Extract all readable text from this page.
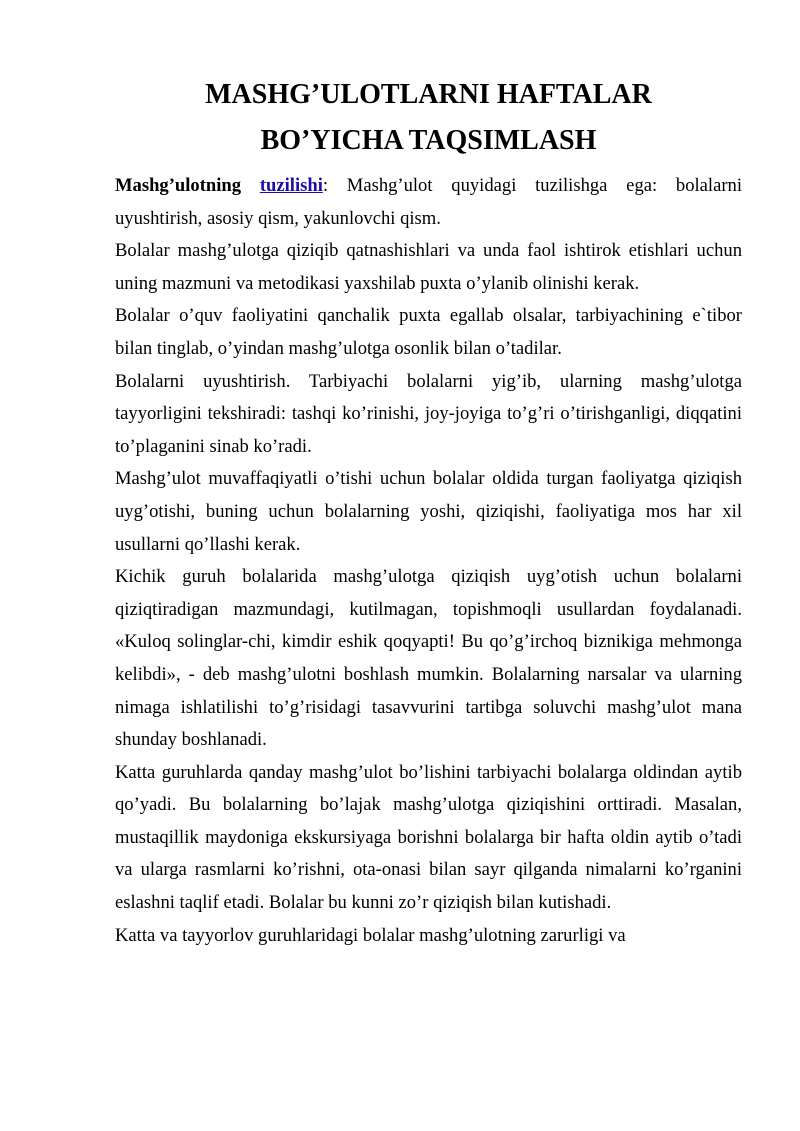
MASHG’ULOTLARNI HAFTALAR
BO’YICHA TAQSIMLASH

Mashg’ulotning tuzilishi: Mashg’ulot quyidagi tuzilishga ega: bolalarni uyushtirish, asosiy qism, yakunlovchi qism.

Bolalar mashg’ulotga qiziqib qatnashishlari va unda faol ishtirok etishlari uchun uning mazmuni va metodikasi yaxshilab puxta o’ylanib olinishi kerak.

Bolalar o’quv faoliyatini qanchalik puxta egallab olsalar, tarbiyachining e`tibor bilan tinglab, o’yindan mashg’ulotga osonlik bilan o’tadilar.

Bolalarni uyushtirish. Tarbiyachi bolalarni yig’ib, ularning mashg’ulotga tayyorligini tekshiradi: tashqi ko’rinishi, joy-joyiga to’g’ri o’tirishganligi, diqqatini to’plaganini sinab ko’radi.

Mashg’ulot muvaffaqiyatli o’tishi uchun bolalar oldida turgan faoliyatga qiziqish uyg’otishi, buning uchun bolalarning yoshi, qiziqishi, faoliyatiga mos har xil usullarni qo’llashi kerak.

Kichik guruh bolalarida mashg’ulotga qiziqish uyg’otish uchun bolalarni qiziqtiradigan mazmundagi, kutilmagan, topishmoqli usullardan foydalanadi. «Kuloq solinglar-chi, kimdir eshik qoqyapti! Bu qo’g’irchoq biznikiga mehmonga kelibdi», - deb mashg’ulotni boshlash mumkin. Bolalarning narsalar va ularning nimaga ishlatilishi to’g’risidagi tasavvurini tartibga soluvchi mashg’ulot mana shunday boshlanadi.

Katta guruhlarda qanday mashg’ulot bo’lishini tarbiyachi bolalarga oldindan aytib qo’yadi. Bu bolalarning bo’lajak mashg’ulotga qiziqishini orttiradi. Masalan, mustaqillik maydoniga ekskursiyaga borishni bolalarga bir hafta oldin aytib o’tadi va ularga rasmlarni ko’rishni, ota-onasi bilan sayr qilganda nimalarni ko’rganini eslashni taqlif etadi. Bolalar bu kunni zo’r qiziqish bilan kutishadi.

Katta va tayyorlov guruhlaridagi bolalar mashg’ulotning zarurligi va
